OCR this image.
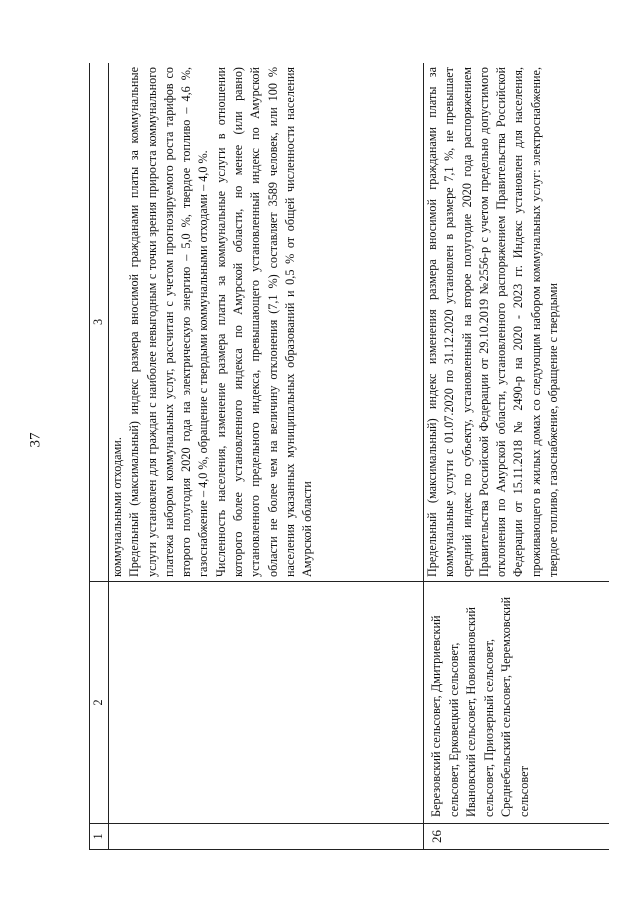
37
1	2	3

		коммунальными отходами. Предельный (максимальный) индекс размера вносимой гражданами платы за коммунальные услуги установлен для граждан с наиболее невыгодным с точки зрения прироста коммунального платежа набором коммунальных услуг, рассчитан с учетом прогнозируемого роста тарифов со второго полугодия 2020 года на электрическую энергию – 5,0 %, твердое топливо – 4,6 %, газоснабжение – 4,0 %, обращение с твердыми коммунальными отходами – 4,0 %. Численность населения, изменение размера платы за коммунальные услуги в отношении которого более установленного индекса по Амурской области, но менее (или равно) установленного предельного индекса, превышающего установленный индекс по Амурской области не более чем на величину отклонения (7,1 %) составляет 3589 человек, или 100 % населения указанных муниципальных образований и 0,5 % от общей численности населения Амурской области

26	Березовский сельсовет, Дмитриевский сельсовет, Ерковецкий сельсовет, Ивановский сельсовет, Новоивановский сельсовет, Приозерный сельсовет, Среднебельский сельсовет, Черемховский сельсовет	Предельный (максимальный) индекс изменения размера вносимой гражданами платы за коммунальные услуги с 01.07.2020 по 31.12.2020 установлен в размере 7,1 %, не превышает средний индекс по субъекту, установленный на второе полугодие 2020 года распоряжением Правительства Российской Федерации от 29.10.2019 №2556-р с учетом предельно допустимого отклонения по Амурской области, установленного распоряжением Правительства Российской Федерации от 15.11.2018 № 2490-р на 2020 - 2023 гг. Индекс установлен для населения, проживающего в жилых домах со следующим набором коммунальных услуг: электроснабжение, твердое топливо, газоснабжение, обращение с твердыми
